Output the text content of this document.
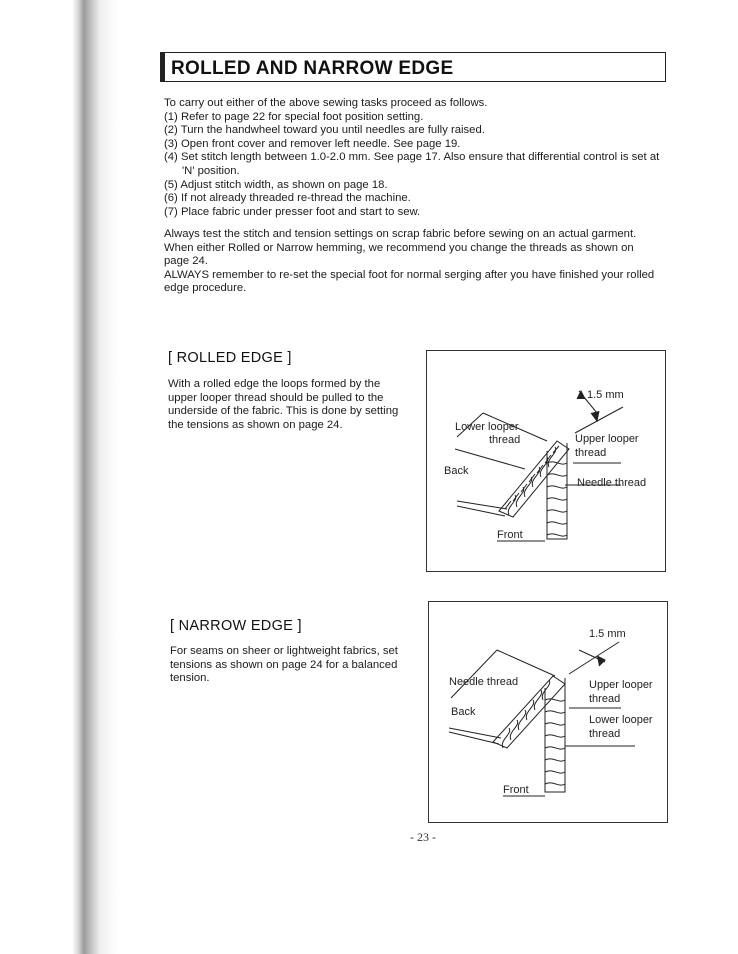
ROLLED AND NARROW EDGE
To carry out either of the above sewing tasks proceed as follows.
(1) Refer to page 22 for special foot position setting.
(2) Turn the handwheel toward you until needles are fully raised.
(3) Open front cover and remover left needle. See page 19.
(4) Set stitch length between 1.0-2.0 mm. See page 17. Also ensure that differential control is set at
'N' position.
(5) Adjust stitch width, as shown on page 18.
(6) If not already threaded re-thread the machine.
(7) Place fabric under presser foot and start to sew.
Always test the stitch and tension settings on scrap fabric before sewing on an actual garment.
When either Rolled or Narrow hemming, we recommend you change the threads as shown on
page 24.
ALWAYS remember to re-set the special foot for normal serging after you have finished your rolled
edge procedure.
[ ROLLED EDGE ]
With a rolled edge the loops formed by the
upper looper thread should be pulled to the
underside of the fabric. This is done by setting
the tensions as shown on page 24.
1.5 mm
Lower looper
thread	Upper looper
thread
Back
Needle thread
Front
[ NARROW EDGE ]
For seams on sheer or lightweight fabrics, set
tensions as shown on page 24 for a balanced
tension.
1.5 mm
Needle thread	Upper looper
thread
Back
Lower looper
thread
Front
- 23 -
